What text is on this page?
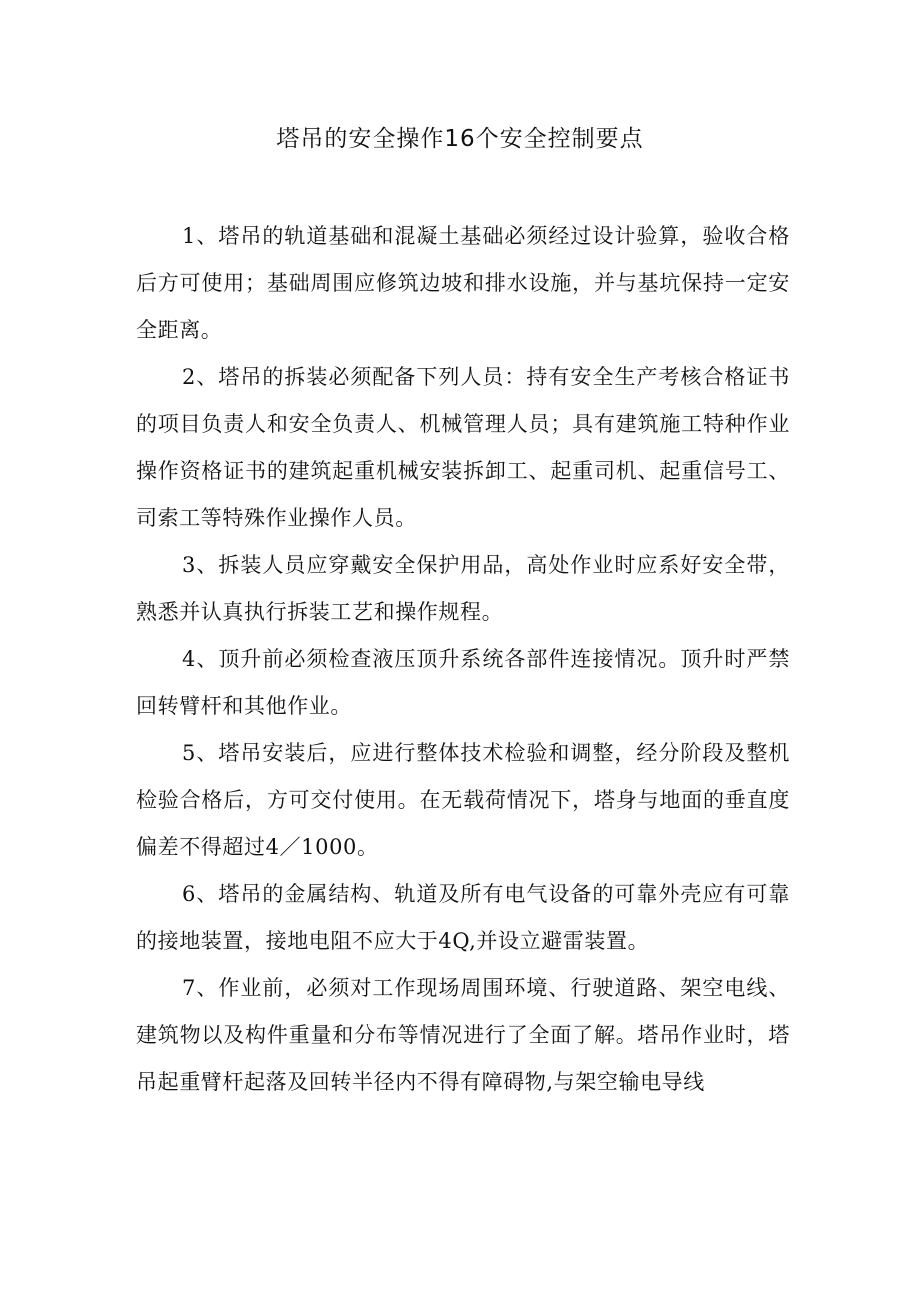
塔吊的安全操作16个安全控制要点

1、塔吊的轨道基础和混凝土基础必须经过设计验算，验收合格后方可使用；基础周围应修筑边坡和排水设施，并与基坑保持一定安全距离。

2、塔吊的拆装必须配备下列人员：持有安全生产考核合格证书的项目负责人和安全负责人、机械管理人员；具有建筑施工特种作业操作资格证书的建筑起重机械安装拆卸工、起重司机、起重信号工、司索工等特殊作业操作人员。

3、拆装人员应穿戴安全保护用品，高处作业时应系好安全带，熟悉并认真执行拆装工艺和操作规程。

4、顶升前必须检查液压顶升系统各部件连接情况。顶升时严禁回转臂杆和其他作业。

5、塔吊安装后，应进行整体技术检验和调整，经分阶段及整机检验合格后，方可交付使用。在无载荷情况下，塔身与地面的垂直度偏差不得超过4／1000。

6、塔吊的金属结构、轨道及所有电气设备的可靠外壳应有可靠的接地装置，接地电阻不应大于4Q,并设立避雷装置。

7、作业前，必须对工作现场周围环境、行驶道路、架空电线、建筑物以及构件重量和分布等情况进行了全面了解。塔吊作业时，塔吊起重臂杆起落及回转半径内不得有障碍物,与架空输电导线
